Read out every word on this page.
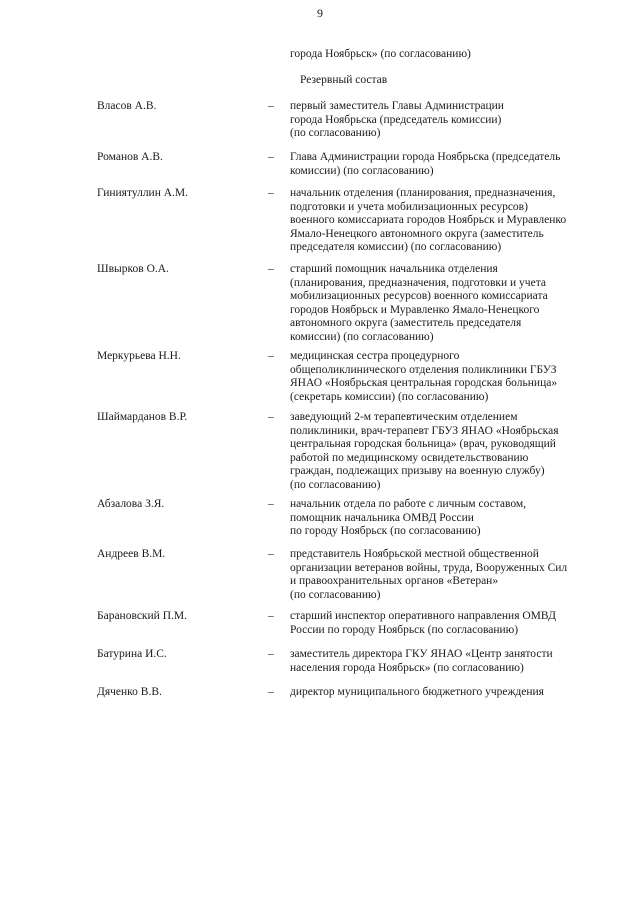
9
города Ноябрьск» (по согласованию)
Резервный состав
Власов А.В.	– первый заместитель Главы Администрации
города Ноябрьска (председатель комиссии)
(по согласованию)
Романов А.В.	– Глава Администрации города Ноябрьска (председатель
комиссии) (по согласованию)
Гиниятуллин А.М.	– начальник отделения (планирования, предназначения,
подготовки и учета мобилизационных ресурсов)
военного комиссариата городов Ноябрьск и Муравленко
Ямало-Ненецкого автономного округа (заместитель
председателя комиссии) (по согласованию)
Швырков О.А.	– старший помощник начальника отделения
(планирования, предназначения, подготовки и учета
мобилизационных ресурсов) военного комиссариата
городов Ноябрьск и Муравленко Ямало-Ненецкого
автономного округа (заместитель председателя
комиссии) (по согласованию)
Меркурьева Н.Н.	– медицинская сестра процедурного
общеполиклинического отделения поликлиники ГБУЗ
ЯНАО «Ноябрьская центральная городская больница»
(секретарь комиссии) (по согласованию)
Шаймарданов В.Р.	– заведующий 2-м терапевтическим отделением
поликлиники, врач-терапевт ГБУЗ ЯНАО «Ноябрьская
центральная городская больница» (врач, руководящий
работой по медицинскому освидетельствованию
граждан, подлежащих призыву на военную службу)
(по согласованию)
Абзалова З.Я.	– начальник отдела по работе с личным составом,
помощник начальника ОМВД России
по городу Ноябрьск (по согласованию)
Андреев В.М.	– представитель Ноябрьской местной общественной
организации ветеранов войны, труда, Вооруженных Сил
и правоохранительных органов «Ветеран»
(по согласованию)
Барановский П.М.	– старший инспектор оперативного направления ОМВД
России по городу Ноябрьск (по согласованию)
Батурина И.С.	– заместитель директора ГКУ ЯНАО «Центр занятости
населения города Ноябрьск» (по согласованию)
Дяченко В.В.	– директор муниципального бюджетного учреждения
